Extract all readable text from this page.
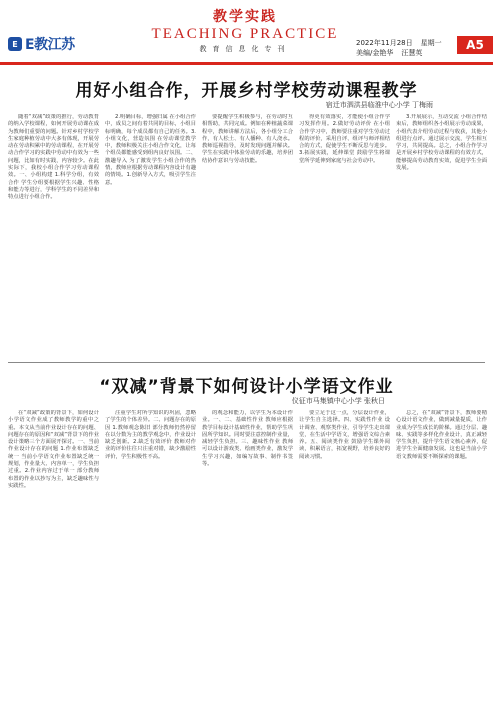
E E教江苏
教学实践
TEACHING PRACTICE
教育信息化专刊
2022年11月28日 星期一
美编/金艳华 汪慧英
A5
用好小组合作，开展乡村学校劳动课程教学
宿迁市泗洪县临淮中心小学 丁梅雨

随着“双减”政策的推行，劳动教育的纳入学校课程，如何开展劳动课在成为教师们重要的问题。针对乡村学校学生家庭种植劳动中大多有体现，开展劳动在劳动积累中的劳动课程，在开展劳动合作学习的实践中劳动中有效为一些问题，比如有时实践，内容较少。在此实际下，我校小组合作学习劳动课程效。一、小组构建 1.科学分组，有效合作 学生分组要根据学生兴趣、性格和能力等进行，学科学生的不同差异和特点进行小组合作。

2.明确目标，增强归属 在小组合作中，成员之间有着共同的目标，小组目标明确，每个成员都有自己的任务。3.小组文化，营造氛围 在劳动课堂教学中，教师积极关注小组合作文化，让每个组员都能感受到组内良好氛围。二、激趣导入 为了激发学生小组合作的热情，教师应根据劳动课程内容设计有趣的情境。1.创新导入方式，吸引学生注意。

要提醒学生积极参与，在劳动时互相帮助，共同完成。例如在种植蔬菜课程中，教师讲解方法后，各小组分工合作，有人松土、有人播种、有人浇水。教师巡视指导，及时发现问题并解决。学生在实践中体验劳动的乐趣，培养团结协作意识与劳动技能。

得更有效落实，才能使小组合作学习发挥作用。2.做好劳动评价 在小组合作学习中，教师要注重对学生劳动过程的评价，采用自评、组评与师评相结合的方式，促使学生不断反思与进步。3.拓展实践，延伸课堂 鼓励学生将课堂所学延伸到家庭与社会劳动中。

3.开展展示，互动交流 小组合作结束后，教师组织各小组展示劳动成果，小组代表介绍劳动过程与收获，其他小组进行点评。通过展示交流，学生相互学习，共同提高。总之，小组合作学习是开展乡村学校劳动课程的有效方式，能够提高劳动教育实效，促进学生全面发展。

“双减”背景下如何设计小学语文作业
仪征市马集镇中心小学 张秋日

在“双减”政策的背景下，如何设计小学语文作业成了教师教学的重中之重。本文从当前作业设计存在的问题、问题存在的原因和“双减”背景下的作业设计策略三个方面展开探讨。一、当前作业设计存在的问题 1.作业布置缺乏统一 当前小学语文作业布置缺乏统一规划，作业量大、内容单一，学生负担过重。2.作业内容过于单一 部分教师布置的作业以抄写为主，缺乏趣味性与实践性。

注重学生对所学知识的巩固，忽略了学生的个体差异。二、问题存在的原因 1.教师观念陈旧 部分教师仍然停留在以分数为主的教学观念中，作业设计缺乏创新。2.缺乏有效评价 教师对作业的评价往往只注重对错，缺少激励性评价，学生积极性不高。

的观念和能力，以学生为本设计作业。一、二、基础性作业 教师应根据教学目标设计基础性作业，帮助学生巩固所学知识。同时要注意控制作业量，减轻学生负担。三、趣味性作业 教师可以设计游戏类、绘画类作业，激发学生学习兴趣，如编写故事、制作书签等。

要立足于这一点，分层设计作业，让学生自主选择。四、实践性作业 设计调查、观察类作业，引导学生走出课堂，在生活中学语文，增强语文综合素养。五、阅读类作业 鼓励学生课外阅读，积累语言，拓宽视野，培养良好的阅读习惯。

总之，在“双减”背景下，教师要精心设计语文作业，做到减量提质，让作业成为学生成长的阶梯。通过分层、趣味、实践等多样化作业设计，真正减轻学生负担，提升学生语文核心素养，促进学生全面健康发展。这也是当前小学语文教师需要不断探索的课题。
